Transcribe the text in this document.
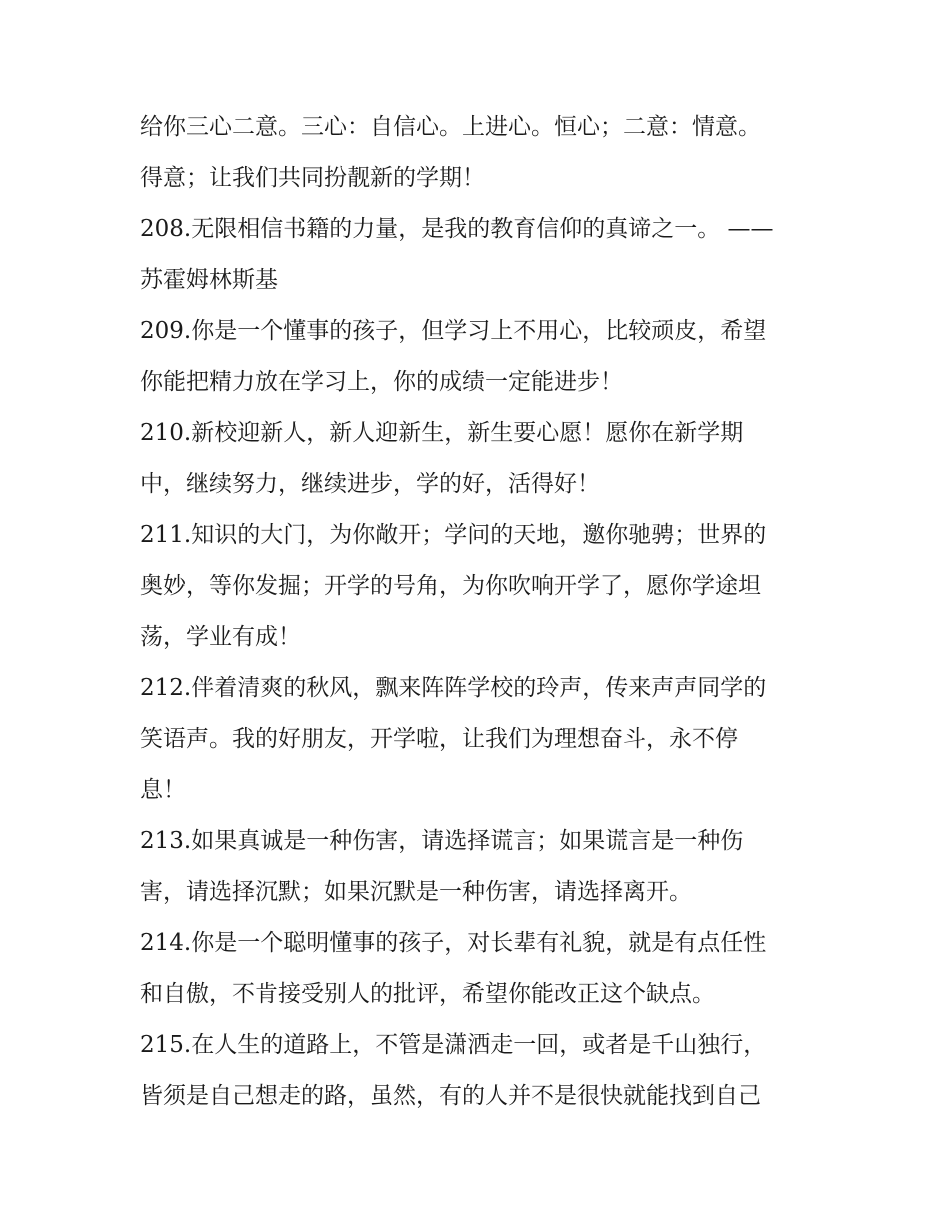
给你三心二意。三心：自信心。上进心。恒心；二意：情意。
得意；让我们共同扮靓新的学期！
208.无限相信书籍的力量，是我的教育信仰的真谛之一。 ——
苏霍姆林斯基
209.你是一个懂事的孩子，但学习上不用心，比较顽皮，希望
你能把精力放在学习上，你的成绩一定能进步！
210.新校迎新人，新人迎新生，新生要心愿！愿你在新学期
中，继续努力，继续进步，学的好，活得好！
211.知识的大门，为你敞开；学问的天地，邀你驰骋；世界的
奥妙，等你发掘；开学的号角，为你吹响开学了，愿你学途坦
荡，学业有成！
212.伴着清爽的秋风，飘来阵阵学校的玲声，传来声声同学的
笑语声。我的好朋友，开学啦，让我们为理想奋斗，永不停
息！
213.如果真诚是一种伤害，请选择谎言；如果谎言是一种伤
害，请选择沉默；如果沉默是一种伤害，请选择离开。
214.你是一个聪明懂事的孩子，对长辈有礼貌，就是有点任性
和自傲，不肯接受别人的批评，希望你能改正这个缺点。
215.在人生的道路上，不管是潇洒走一回，或者是千山独行，
皆须是自己想走的路，虽然，有的人并不是很快就能找到自己
